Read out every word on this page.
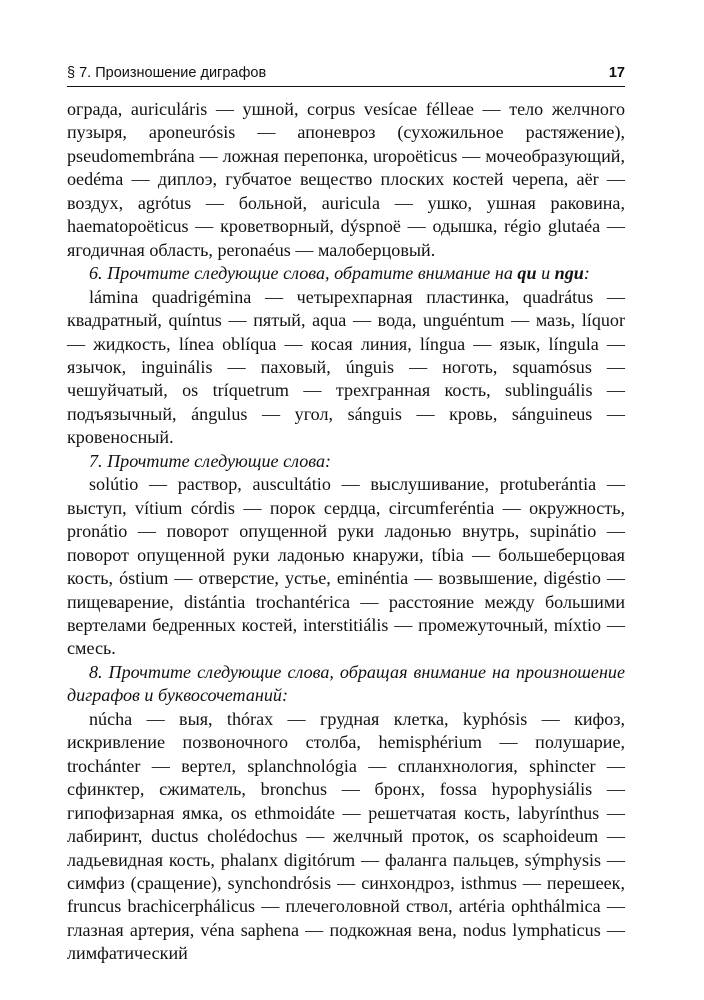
§ 7. Произношение диграфов	17

ограда, auriculáris — ушной, corpus vesícae félleae — тело желчного пузыря, aponeurósis — апоневроз (сухожильное растяжение), pseudomembrána — ложная перепонка, uropoëticus — мочеобразующий, oedéma — диплоэ, губчатое вещество плоских костей черепа, aër — воздух, agrótus — больной, auricula — ушко, ушная раковина, haematopoëticus — кроветворный, dýspnoë — одышка, régio glutaéa — ягодичная область, peronaéus — малоберцовый.

6. Прочтите следующие слова, обратите внимание на qu и ngu:

lámina quadrigémina — четырехпарная пластинка, quadrátus — квадратный, quíntus — пятый, aqua — вода, unguéntum — мазь, líquor — жидкость, línea oblíqua — косая линия, língua — язык, língula — язычок, inguinális — паховый, únguis — ноготь, squamósus — чешуйчатый, os tríquetrum — трехгранная кость, sublinguális — подъязычный, ángulus — угол, sánguis — кровь, sánguineus — кровеносный.

7. Прочтите следующие слова:

solútio — раствор, auscultátio — выслушивание, protuberántia — выступ, vítium córdis — порок сердца, circumferéntia — окружность, pronátio — поворот опущенной руки ладонью внутрь, supinátio — поворот опущенной руки ладонью кнаружи, tíbia — большеберцовая кость, óstium — отверстие, устье, eminéntia — возвышение, digéstio — пищеварение, distántia trochantérica — расстояние между большими вертелами бедренных костей, interstitiális — промежуточный, míxtio — смесь.

8. Прочтите следующие слова, обращая внимание на произношение диграфов и буквосочетаний:

núcha — выя, thórax — грудная клетка, kyphósis — кифоз, искривление позвоночного столба, hemisphérium — полушарие, trochánter — вертел, splanchnológia — спланхнология, sphincter — сфинктер, сжиматель, bronchus — бронх, fossa hypophysiális — гипофизарная ямка, os ethmoidáte — решетчатая кость, labyrínthus — лабиринт, ductus cholédochus — желчный проток, os scaphoideum — ладьевидная кость, phalanx digitórum — фаланга пальцев, sýmphysis — симфиз (сращение), synchondrósis — синхондроз, isthmus — перешеек, fruncus brachicerphálicus — плечеголовной ствол, artéria ophthálmica — глазная артерия, véna saphena — подкожная вена, nodus lymphaticus — лимфатический
